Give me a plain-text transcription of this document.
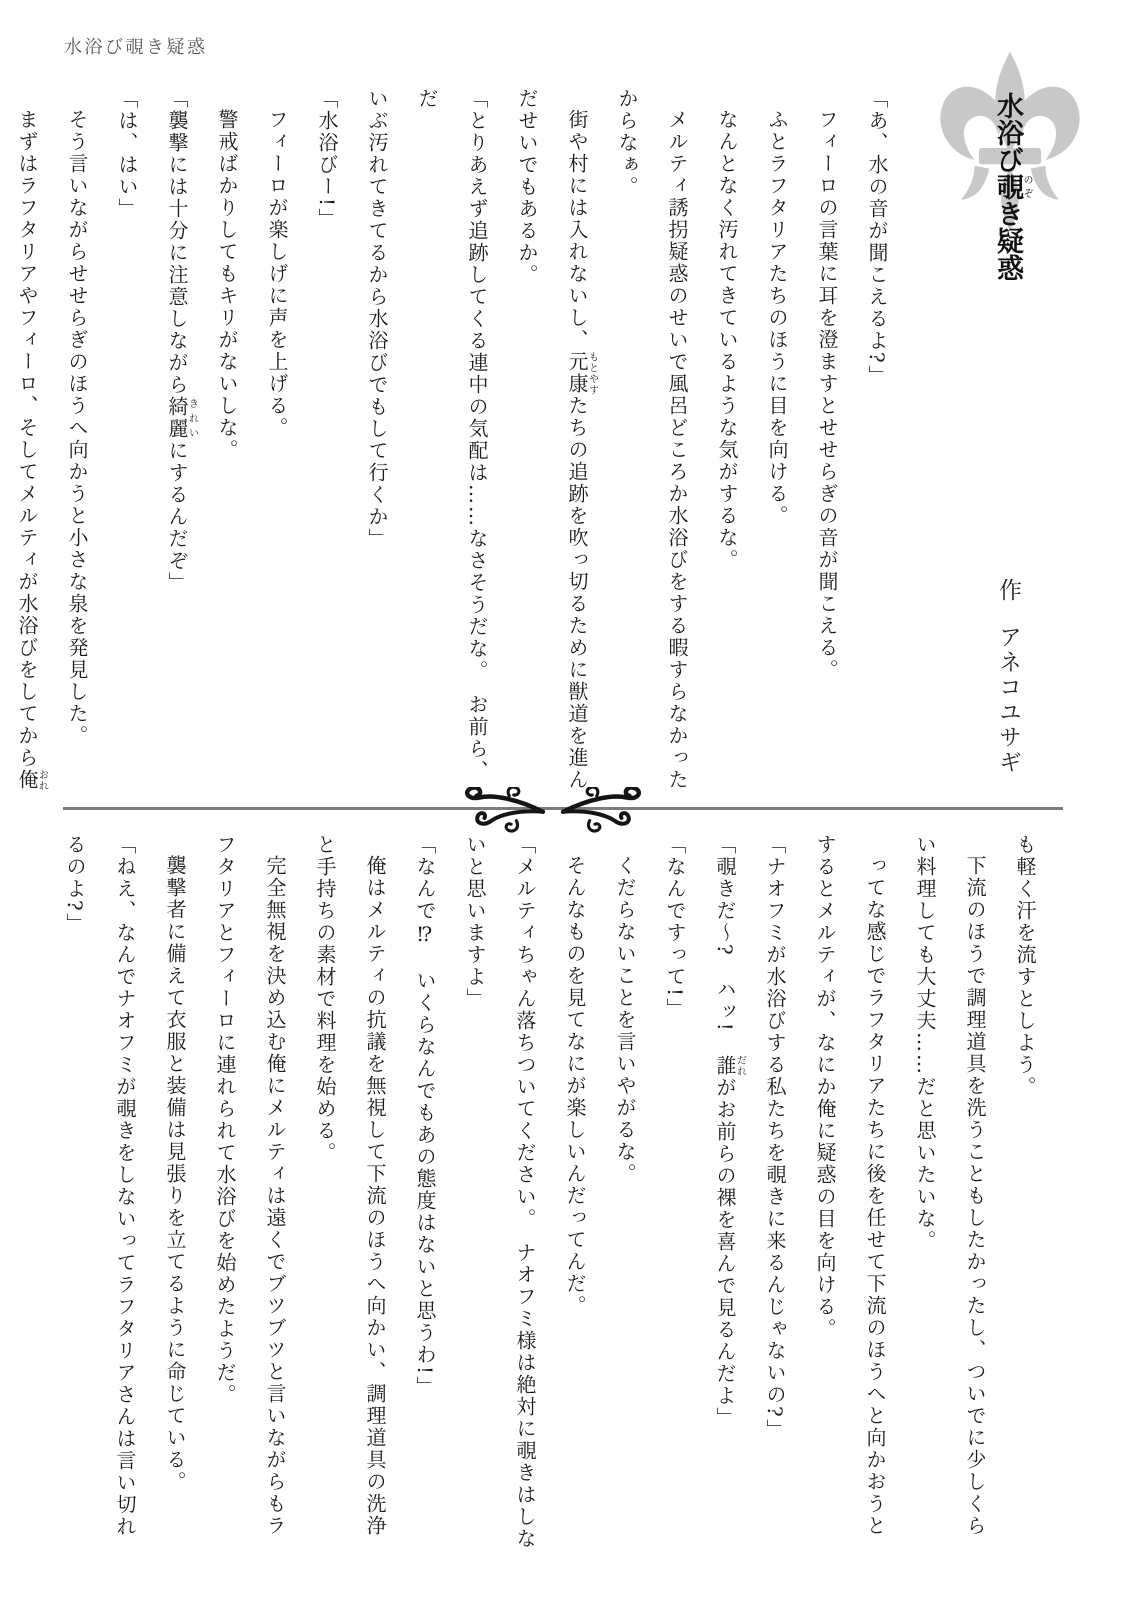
水浴び覗き疑惑
水浴び覗のぞき疑惑
作アネコユサギ

「あ、水の音が聞こえるよ?」

フィーロの言葉に耳を澄ますとせせらぎの音が聞こえる。

ふとラフタリアたちのほうに目を向ける。

なんとなく汚れてきているような気がするな。

メルティ誘拐疑惑のせいで風呂どころか水浴びをする暇すらなかった

からなぁ。

街や村には入れないし、元康もとやすたちの追跡を吹っ切るために獣道を進ん

だせいでもあるか。

「とりあえず追跡してくる連中の気配は……なさそうだな。　お前ら、だ

いぶ汚れてきてるから水浴びでもして行くか」

「水浴びー!」

フィーロが楽しげに声を上げる。

警戒ばかりしてもキリがないしな。

「襲撃には十分に注意しながら綺麗きれいにするんだぞ」

「は、はい」

そう言いながらせせらぎのほうへ向かうと小さな泉を発見した。

まずはラフタリアやフィーロ、そしてメルティが水浴びをしてから俺おれ

も軽く汗を流すとしよう。

下流のほうで調理道具を洗うこともしたかったし、ついでに少しくら

い料理しても大丈夫……だと思いたいな。

ってな感じでラフタリアたちに後を任せて下流のほうへと向かおうと

するとメルティが、なにか俺に疑惑の目を向ける。

「ナオフミが水浴びする私たちを覗きに来るんじゃないの?」

「覗きだ〜?　ハッ!　誰だれがお前らの裸を喜んで見るんだよ」

「なんですって!」

くだらないことを言いやがるな。

そんなものを見てなにが楽しいんだってんだ。

「メルティちゃん落ちついてください。　ナオフミ様は絶対に覗きはしな

いと思いますよ」

「なんで⁉　いくらなんでもあの態度はないと思うわ!」

俺はメルティの抗議を無視して下流のほうへ向かい、調理道具の洗浄

と手持ちの素材で料理を始める。

完全無視を決め込む俺にメルティは遠くでブツブツと言いながらもラ

フタリアとフィーロに連れられて水浴びを始めたようだ。

襲撃者に備えて衣服と装備は見張りを立てるように命じている。

「ねえ、なんでナオフミが覗きをしないってラフタリアさんは言い切れ

るのよ?」
